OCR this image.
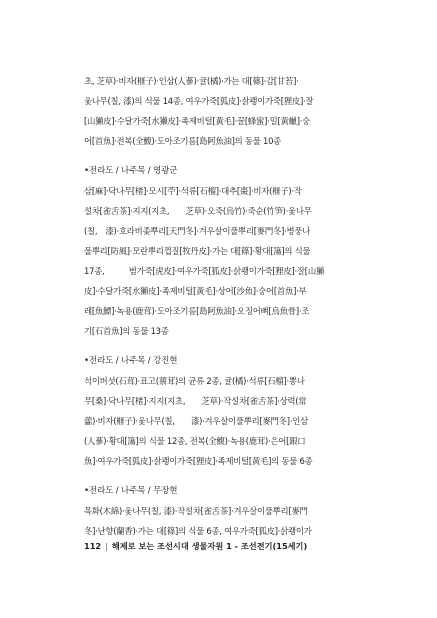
초, 芝草)·비자(榧子)·인삼(人蔘)·귤(橘)·가는 대[篠]·감[甘苔]·
옻나무(칠, 漆)의 식물 14종, 여우가죽[狐皮]·삵쾡이가죽[狸皮]·잘
[山獺皮]·수달가죽[水獺皮]·족제비털[黃毛]·꿀[蜂蜜]·밀[黃蠟]·숭
어[首魚]·전복(全鰒)·도아조기름[島阿魚油]의 동물 10종
•전라도 / 나주목 / 영광군
삼[麻]·닥나무[楮]·모시[苧]·석류[石榴]·대추[棗]·비자(榧子)·작
설차[雀舌茶]·지지(지초,　　芝草)·오죽(烏竹)·죽순(竹笋)·옻나무
(칠,　漆)·호라비좆뿌리[天門冬]·겨우살이풀뿌리[麥門冬]·병풍나
물뿌리[防風]·모란뿌리껍질[牧丹皮]·가는 대[篠]·황대[簜]의 식물
17종,　　　범가죽[虎皮]·여우가죽[狐皮]·삵쾡이가죽[狸皮]·잘[山獺
皮]·수달가죽[水獺皮]·족제비털[黃毛]·상어[沙魚]·숭어[首魚]·부
레[魚鰾]·녹용(鹿茸)·도아조기름[島阿魚油]·오징어뼈[烏魚骨]·조
기[石首魚]의 동물 13종
•전라도 / 나주목 / 강진현
석이버섯(石茸)·표고(蔈茸)의 균류 2종, 귤(橘)·석류[石榴]·뽕나
무[桑]·닥나무[楮]·지지(지초,　　芝草)·작설차[雀舌茶]·상력(常
蘦)·비자(榧子)·옻나무(칠,　　漆)·겨우살이풀뿌리[麥門冬]·인삼
(人蔘)·황대[簜]의 식물 12종, 전복(全鰒)·녹용(鹿茸)·은어[銀口
魚]·여우가죽[狐皮]·삵쾡이가죽[狸皮]·족제비털[黃毛]의 동물 6종
•전라도 / 나주목 / 무장현
목화(木綿)·옻나무(칠, 漆)·작설차[雀舌茶]·겨우살이풀뿌리[麥門
冬]·난향(蘭香)·가는 대[篠]의 식물 6종, 여우가죽[狐皮]·삵쾡이가
112 | 해제로 보는 조선시대 생물자원 1 - 조선전기(15세기)
